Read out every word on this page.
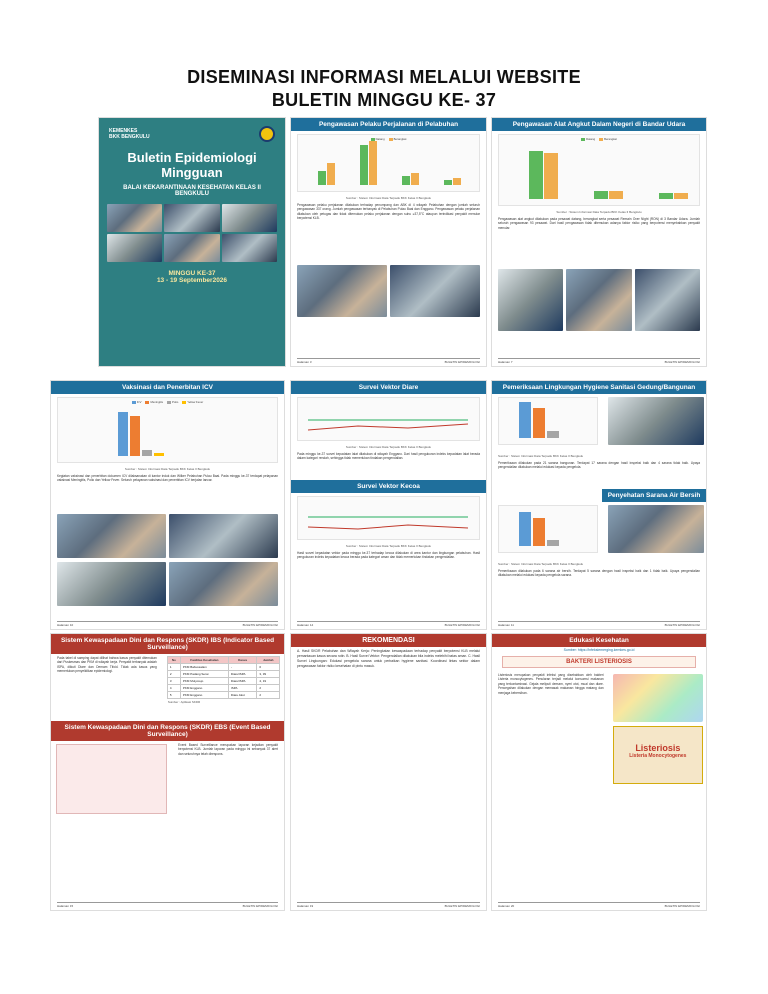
DISEMINASI INFORMASI MELALUI WEBSITE
BULETIN MINGGU KE- 37
KEMENKES
BKK BENGKULU
Buletin Epidemiologi
Mingguan
BALAI KEKARANTINAAN KESEHATAN KELAS II BENGKULU
MINGGU KE-37
13 - 19 September2026
Pengawasan Pelaku Perjalanan di Pelabuhan
Datang	Berangkat
Sumber : Sistem Informasi Data Terpadu BKK Kelas II Bengkulu
Pengawasan pelaku perjalanan dilakukan terhadap penumpang dan ABK di 4 wilayah Pelabuhan dengan jumlah seluruh pengawasan 337 orang. Jumlah pengawasan terbanyak di Pelabuhan Pulau Baai dan Enggano. Pengawasan pelaku perjalanan dilakukan oleh petugas dan tidak ditemukan pelaku perjalanan dengan suhu ≥37,5°C ataupun terindikasi penyakit menular berpotensi KLB.
Halaman 3	BULETIN EPIDEMIOLOGI
Pengawasan Alat Angkut Dalam Negeri di Bandar Udara
Datang	Berangkat
Sumber : Sistem Informasi Data Terpadu BKK Kelas II Bengkulu
Pengawasan alat angkut dilakukan pada pesawat datang, berangkat serta pesawat Remain Over Night (RON) di 3 Bandar Udara. Jumlah seluruh pengawasan 93 pesawat. Dari hasil pengawasan tidak ditemukan adanya faktor risiko yang berpotensi menyebabkan penyakit menular.
Halaman 7	BULETIN EPIDEMIOLOGI
Vaksinasi dan Penerbitan ICV
ICV	Meningitis	Polio	Yellow Fever
Sumber : Sistem Informasi Data Terpadu BKK Kelas II Bengkulu
Kegiatan vaksinasi dan penerbitan dokumen ICV dilaksanakan di kantor induk dan Wilker Pelabuhan Pulau Baai. Pada minggu ke-37 terdapat pelayanan vaksinasi Meningitis, Polio dan Yellow Fever. Seluruh pelayanan vaksinasi dan penerbitan ICV berjalan lancar.
Halaman 10	BULETIN EPIDEMIOLOGI
Survei Vektor Diare
Sumber : Sistem Informasi Data Terpadu BKK Kelas II Bengkulu
Pada minggu ke-37 survei kepadatan lalat dilakukan di wilayah Enggano. Dari hasil pengukuran indeks kepadatan lalat berada dalam kategori rendah, sehingga tidak memerlukan tindakan pengendalian.
Survei Vektor Kecoa
Sumber : Sistem Informasi Data Terpadu BKK Kelas II Bengkulu
Hasil survei kepadatan vektor pada minggu ke-37 terhadap kecoa dilakukan di area kantor dan lingkungan pelabuhan. Hasil pengukuran indeks kepadatan kecoa berada pada kategori aman dan tidak memerlukan tindakan pengendalian.
Halaman 14	BULETIN EPIDEMIOLOGI
Pemeriksaan Lingkungan Hygiene Sanitasi Gedung/Bangunan

Sumber : Sistem Informasi Data Terpadu BKK Kelas II Bengkulu
Pemeriksaan dilakukan pada 21 sarana bangunan. Terdapat 17 sarana dengan hasil inspeksi baik dan 4 sarana tidak baik. Upaya pengendalian dilakukan melalui edukasi kepada pengelola.
Penyehatan Sarana Air Bersih

Sumber : Sistem Informasi Data Terpadu BKK Kelas II Bengkulu
Pemeriksaan dilakukan pada 6 sarana air bersih. Terdapat 5 sarana dengan hasil inspeksi baik dan 1 tidak baik. Upaya pengendalian dilakukan melalui edukasi kepada pengelola sarana.
Halaman 11	BULETIN EPIDEMIOLOGI
Sistem Kewaspadaan Dini dan Respons (SKDR) IBS (Indicator Based Surveillance)
Pada tabel di samping dapat dilihat bahwa kasus penyakit ditemukan dari Puskesmas dan PKM di wilayah kerja. Penyakit terbanyak adalah ISPA, diikuti Diare dan Demam Tifoid. Tidak ada kasus yang memerlukan penyelidikan epidemiologi.
No	Fasilitas Kesehatan	Kasus	Jumlah
1	PKM Babussalam	-	0
2	PKM Padang Serai	Diare/ISPA	3, 39
3	PKM Mulyorejo	Diare/ISPA	4, 19
4	PKM Enggano	ISPA	2
5	PKM Enggano	Diare Akut	2
Sumber : Aplikasi SKDR
Sistem Kewaspadaan Dini dan Respons (SKDR) EBS (Event Based Surveillance)
Event Based Surveillance merupakan laporan kejadian penyakit berpotensi KLB. Jumlah laporan pada minggu ini sebanyak 37 alert dan seluruhnya telah direspons.
Halaman 15	BULETIN EPIDEMIOLOGI
REKOMENDASI
A. Hasil SKDR Pelabuhan dan Wilayah Kerja: Peningkatan kewaspadaan terhadap penyakit berpotensi KLB melalui pemantauan kasus secara rutin. B. Hasil Survei Vektor: Pengendalian dilakukan bila indeks melebihi batas aman. C. Hasil Survei Lingkungan: Edukasi pengelola sarana untuk perbaikan hygiene sanitasi. Koordinasi lintas sektor dalam pengawasan faktor risiko kesehatan di pintu masuk.
Halaman 19	BULETIN EPIDEMIOLOGI
Edukasi Kesehatan
Sumber: https://infeksiemerging.kemkes.go.id
BAKTERI LISTERIOSIS
Listeriosis merupakan penyakit infeksi yang disebabkan oleh bakteri Listeria monocytogenes. Penularan terjadi melalui konsumsi makanan yang terkontaminasi. Gejala meliputi demam, nyeri otot, mual dan diare. Pencegahan dilakukan dengan memasak makanan hingga matang dan menjaga kebersihan.
Listeriosis
Listeria Monocytogenes
Halaman 20	BULETIN EPIDEMIOLOGI
